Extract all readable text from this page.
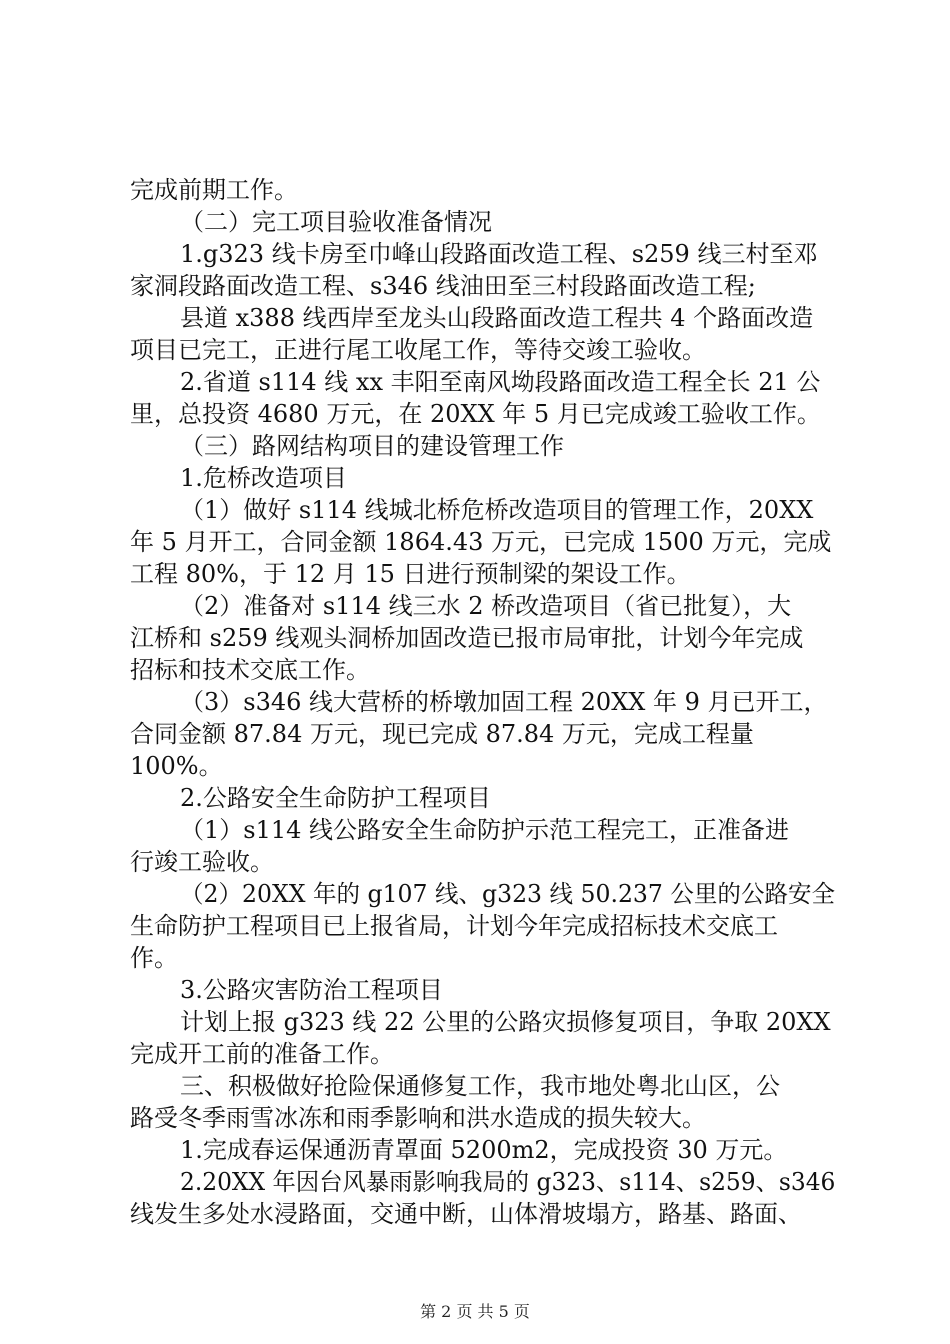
完成前期工作。
（二）完工项目验收准备情况
1.g323 线卡房至巾峰山段路面改造工程、s259 线三村至邓
家洞段路面改造工程、s346 线油田至三村段路面改造工程;
县道 x388 线西岸至龙头山段路面改造工程共 4 个路面改造
项目已完工，正进行尾工收尾工作，等待交竣工验收。
2.省道 s114 线 xx 丰阳至南风坳段路面改造工程全长 21 公
里，总投资 4680 万元，在 20XX 年 5 月已完成竣工验收工作。
（三）路网结构项目的建设管理工作
1.危桥改造项目
（1）做好 s114 线城北桥危桥改造项目的管理工作，20XX
年 5 月开工，合同金额 1864.43 万元，已完成 1500 万元，完成
工程 80%，于 12 月 15 日进行预制梁的架设工作。
（2）准备对 s114 线三水 2 桥改造项目（省已批复），大
江桥和 s259 线观头洞桥加固改造已报市局审批，计划今年完成
招标和技术交底工作。
（3）s346 线大营桥的桥墩加固工程 20XX 年 9 月已开工，
合同金额 87.84 万元，现已完成 87.84 万元，完成工程量
100%。
2.公路安全生命防护工程项目
（1）s114 线公路安全生命防护示范工程完工，正准备进
行竣工验收。
（2）20XX 年的 g107 线、g323 线 50.237 公里的公路安全
生命防护工程项目已上报省局，计划今年完成招标技术交底工
作。
3.公路灾害防治工程项目
计划上报 g323 线 22 公里的公路灾损修复项目，争取 20XX
完成开工前的准备工作。
三、积极做好抢险保通修复工作，我市地处粤北山区，公
路受冬季雨雪冰冻和雨季影响和洪水造成的损失较大。
1.完成春运保通沥青罩面 5200m2，完成投资 30 万元。
2.20XX 年因台风暴雨影响我局的 g323、s114、s259、s346
线发生多处水浸路面，交通中断，山体滑坡塌方，路基、路面、
第 2 页 共 5 页
